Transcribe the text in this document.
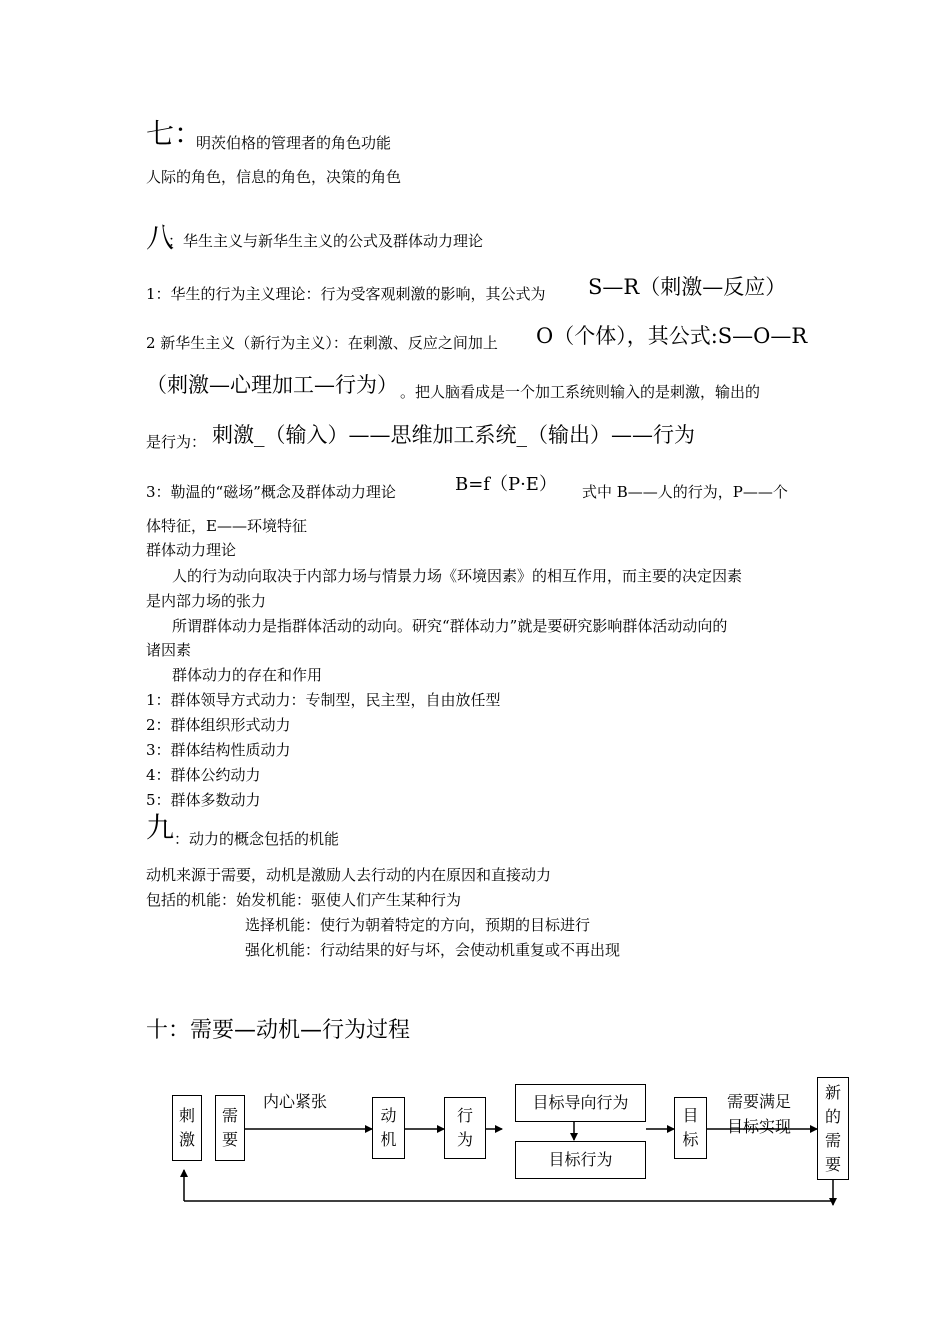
七：
明茨伯格的管理者的角色功能
人际的角色，信息的角色，决策的角色
八
：华生主义与新华生主义的公式及群体动力理论
1：华生的行为主义理论：行为受客观刺激的影响，其公式为 S—R（刺激—反应）
2 新华生主义（新行为主义）：在刺激、反应之间加上 O（个体），其公式:S—O—R
（刺激—心理加工—行为） 。把人脑看成是一个加工系统则输入的是刺激，输出的
是行为： 刺激_（输入）——思维加工系统_（输出）——行为
3：勒温的“磁场”概念及群体动力理论	B=f（P·E） 式中 B——人的行为，P——个
体特征，E——环境特征
群体动力理论
人的行为动向取决于内部力场与情景力场《环境因素》的相互作用，而主要的决定因素
是内部力场的张力
所谓群体动力是指群体活动的动向。研究“群体动力”就是要研究影响群体活动动向的
诸因素
群体动力的存在和作用
1：群体领导方式动力：专制型，民主型，自由放任型
2：群体组织形式动力
3：群体结构性质动力
4：群体公约动力
5：群体多数动力
九 ：动力的概念包括的机能
动机来源于需要，动机是激励人去行动的内在原因和直接动力
包括的机能：始发机能：驱使人们产生某种行为
选择机能：使行为朝着特定的方向，预期的目标进行
强化机能：行动结果的好与坏，会使动机重复或不再出现
十：需要—动机—行为过程
刺激
需要
动机
行为
目标导向行为
目标行为
目标
新的需要
内心紧张	需要满足
目标实现
